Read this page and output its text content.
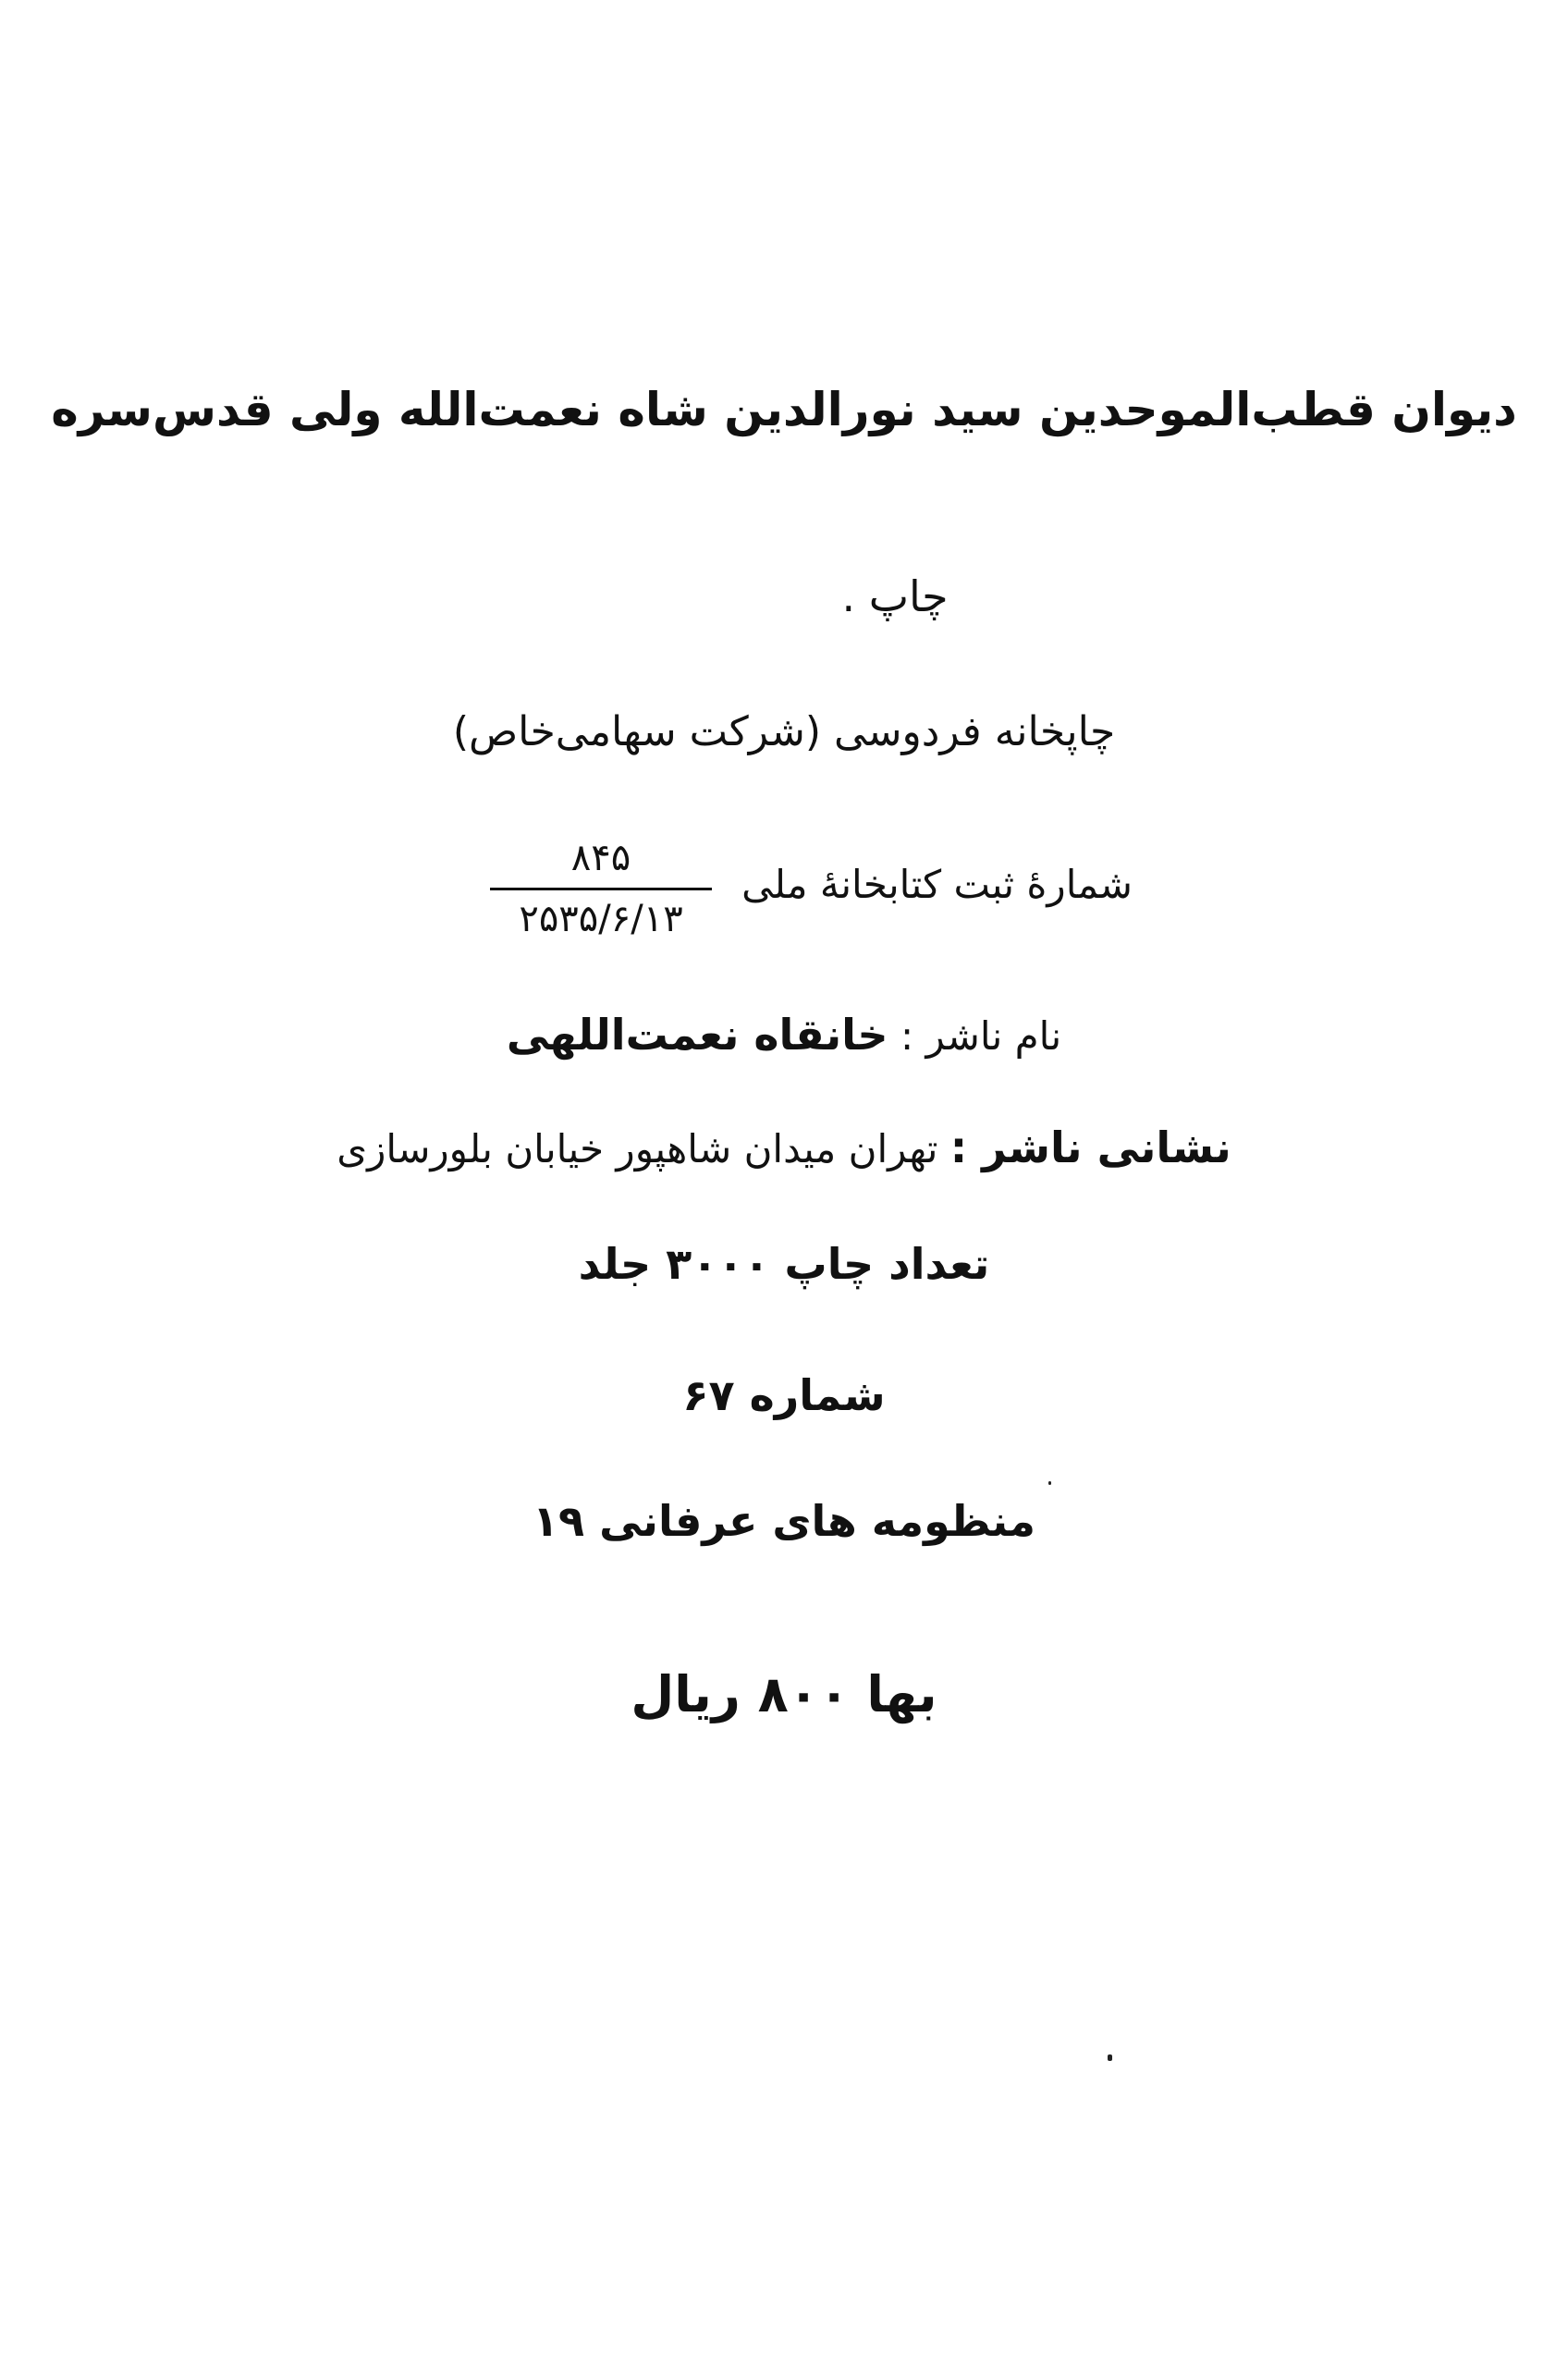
دیوان قطب‌الموحدین سید نورالدین شاه نعمت‌الله ولی قدس‌سره
چاپ .
چاپخانه فردوسی (شرکت سهامی‌خاص)
شمارهٔ ثبت کتابخانهٔ ملی
۸۴۵
۲۵۳۵/۶/۱۳
نام ناشر : خانقاه نعمت‌اللهی
نشانی ناشر : تهران میدان شاهپور خیابان بلورسازی
تعداد چاپ ۳۰۰۰ جلد
شماره ۶۷
منظومه های عرفانی ۱۹
بها ۸۰۰ ریال
